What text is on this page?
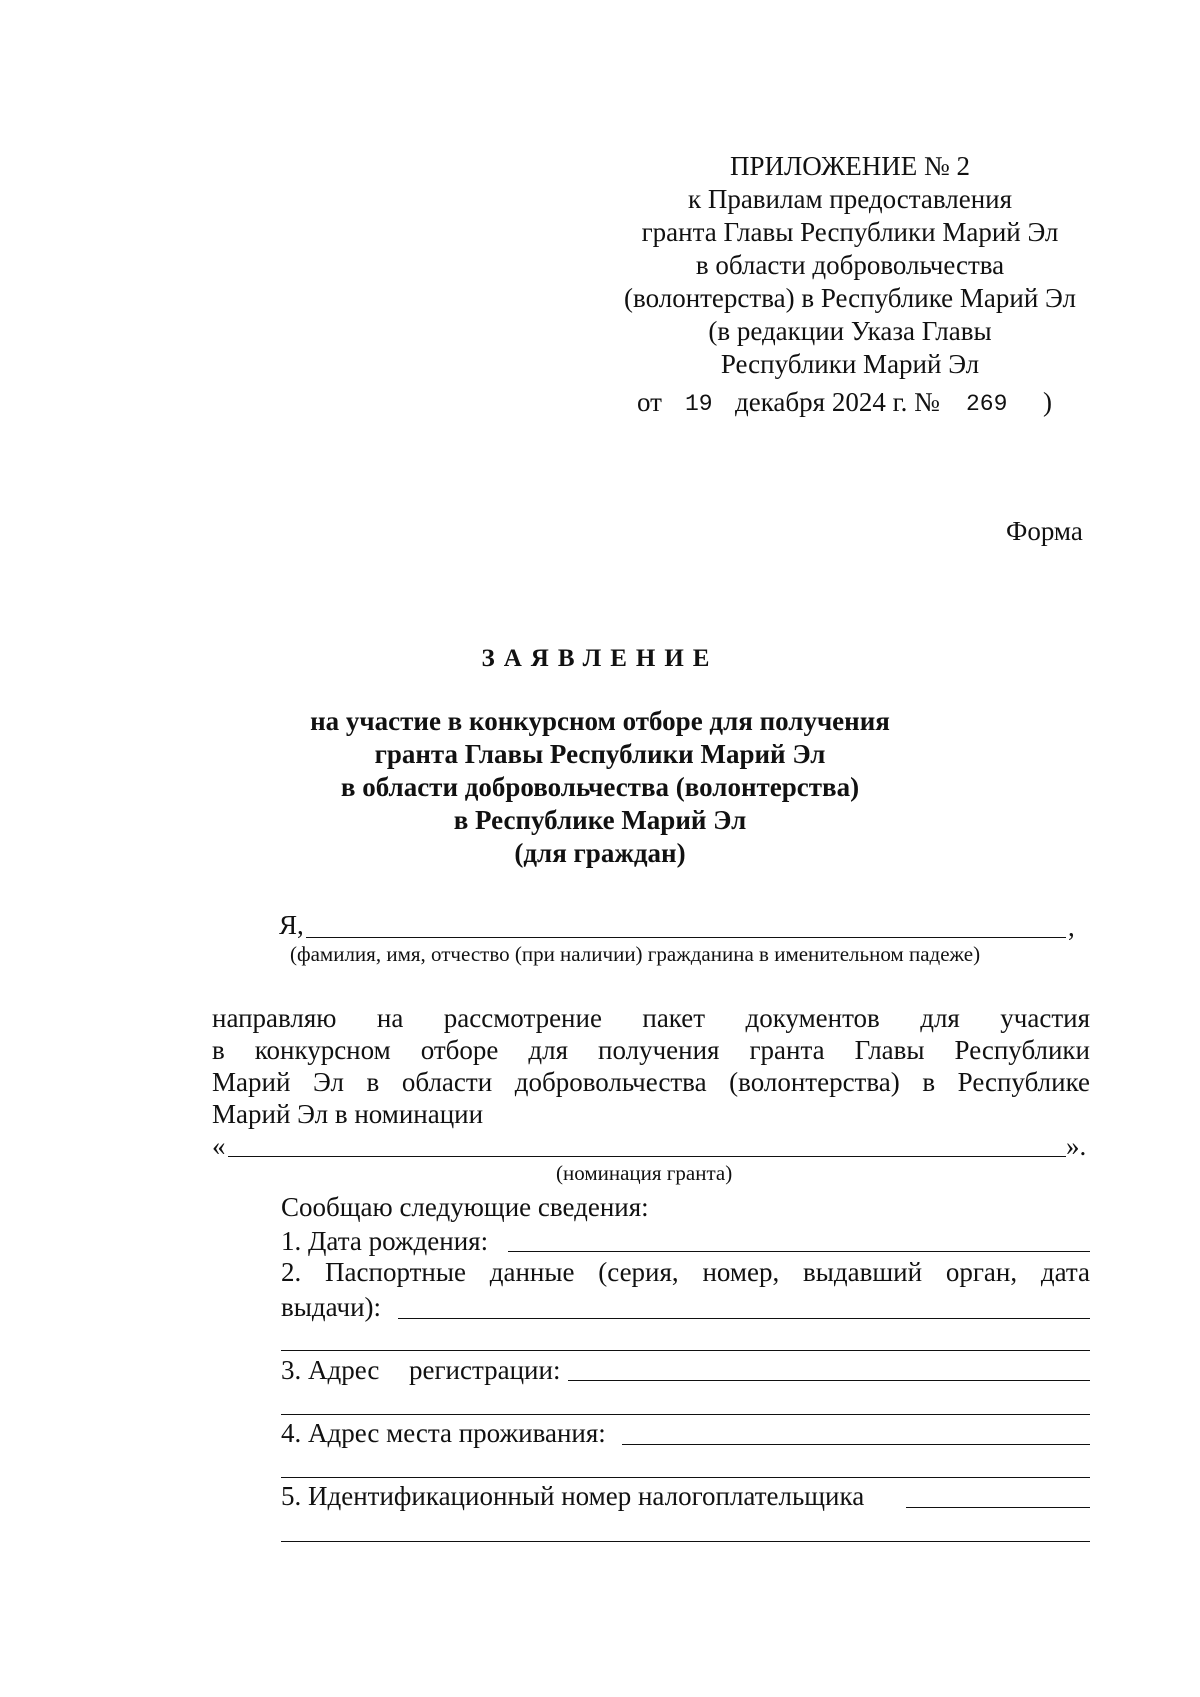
ПРИЛОЖЕНИЕ № 2
к Правилам предоставления
гранта Главы Республики Марий Эл
в области добровольчества
(волонтерства) в Республике Марий Эл
(в редакции Указа Главы
Республики Марий Эл
от 19 декабря 2024 г. № 269 )
Форма
ЗАЯВЛЕНИЕ
на участие в конкурсном отборе для получения
гранта Главы Республики Марий Эл
в области добровольчества (волонтерства)
в Республике Марий Эл
(для граждан)
Я,	,
(фамилия, имя, отчество (при наличии) гражданина в именительном падеже)
направляю на рассмотрение пакет документов для участия
в конкурсном отборе для получения гранта Главы Республики
Марий Эл в области добровольчества (волонтерства) в Республике
Марий Эл в номинации
«	».
(номинация гранта)
Сообщаю следующие сведения:
1. Дата рождения:
2. Паспортные данные (серия, номер, выдавший орган, дата
выдачи):
3. Адрес регистрации:
4. Адрес места проживания:
5. Идентификационный номер налогоплательщика
